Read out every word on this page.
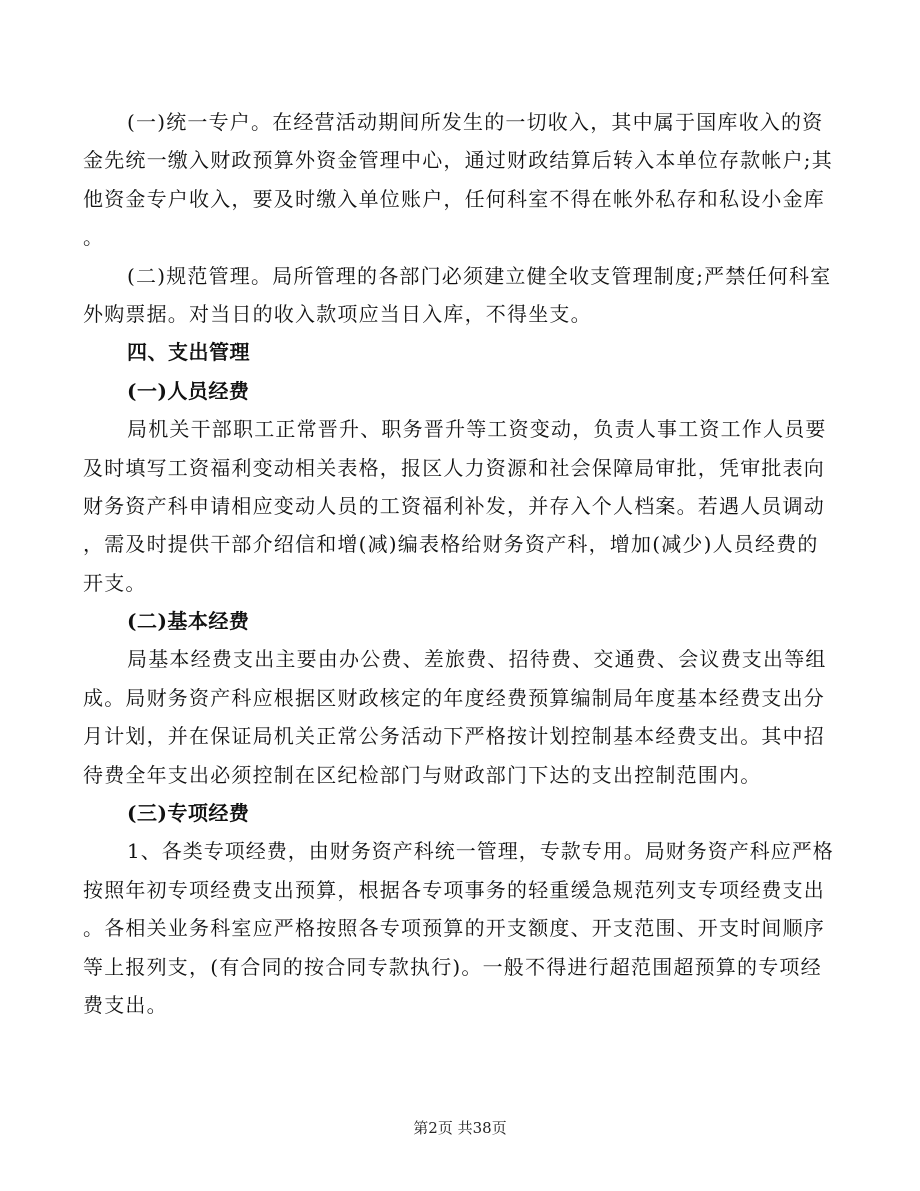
(一)统一专户。在经营活动期间所发生的一切收入，其中属于国库收入的资
金先统一缴入财政预算外资金管理中心，通过财政结算后转入本单位存款帐户;其
他资金专户收入，要及时缴入单位账户，任何科室不得在帐外私存和私设小金库
。
(二)规范管理。局所管理的各部门必须建立健全收支管理制度;严禁任何科室
外购票据。对当日的收入款项应当日入库，不得坐支。
四、支出管理
(一)人员经费
局机关干部职工正常晋升、职务晋升等工资变动，负责人事工资工作人员要
及时填写工资福利变动相关表格，报区人力资源和社会保障局审批，凭审批表向
财务资产科申请相应变动人员的工资福利补发，并存入个人档案。若遇人员调动
，需及时提供干部介绍信和增(减)编表格给财务资产科，增加(减少)人员经费的
开支。
(二)基本经费
局基本经费支出主要由办公费、差旅费、招待费、交通费、会议费支出等组
成。局财务资产科应根据区财政核定的年度经费预算编制局年度基本经费支出分
月计划，并在保证局机关正常公务活动下严格按计划控制基本经费支出。其中招
待费全年支出必须控制在区纪检部门与财政部门下达的支出控制范围内。
(三)专项经费
1、各类专项经费，由财务资产科统一管理，专款专用。局财务资产科应严格
按照年初专项经费支出预算，根据各专项事务的轻重缓急规范列支专项经费支出
。各相关业务科室应严格按照各专项预算的开支额度、开支范围、开支时间顺序
等上报列支，(有合同的按合同专款执行)。一般不得进行超范围超预算的专项经
费支出。
第2页 共38页
